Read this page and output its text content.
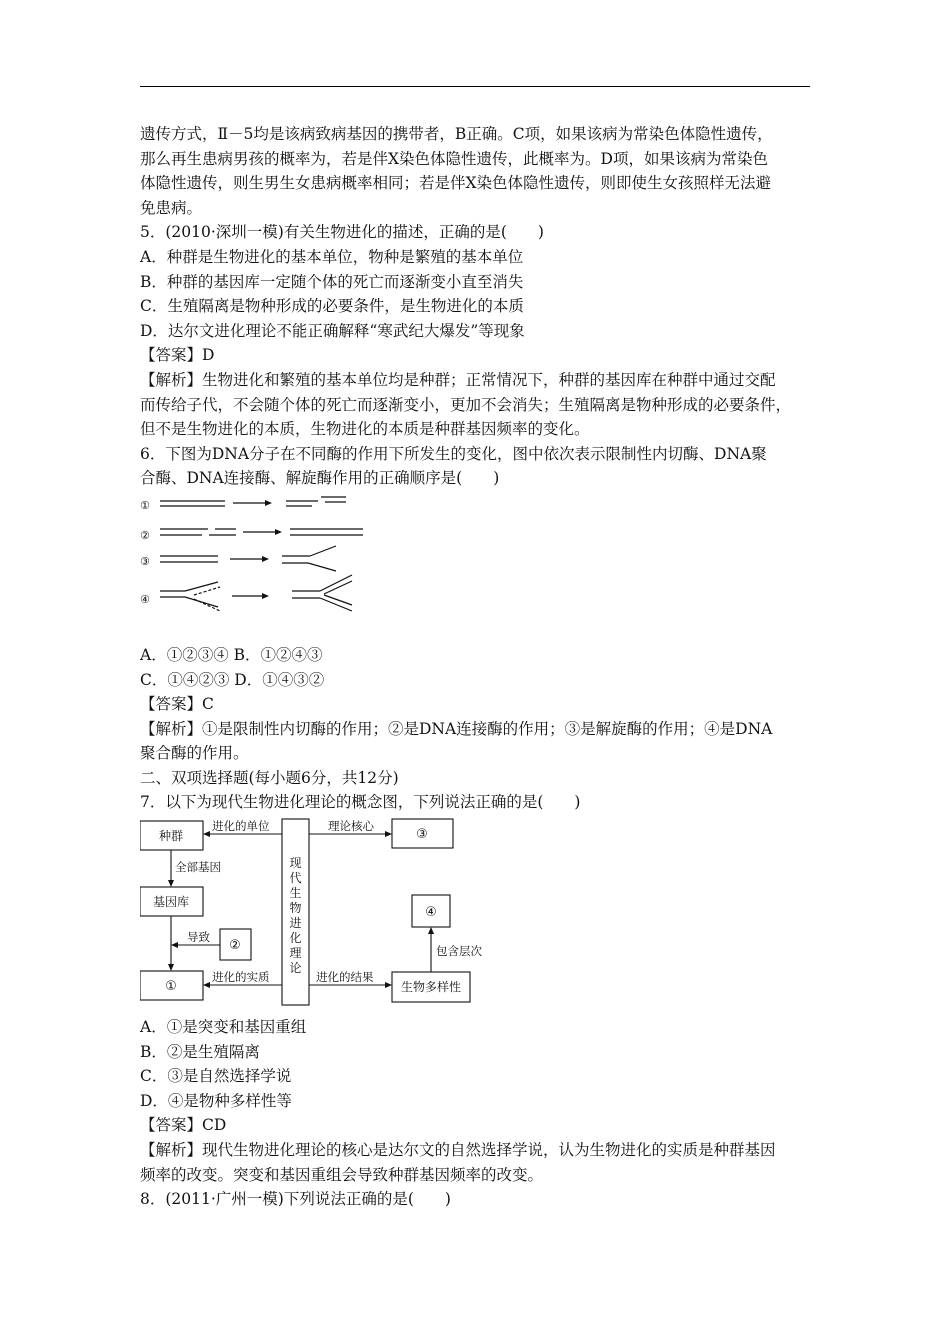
遗传方式，Ⅱ－5均是该病致病基因的携带者，B正确。C项，如果该病为常染色体隐性遗传，

那么再生患病男孩的概率为，若是伴X染色体隐性遗传，此概率为。D项，如果该病为常染色

体隐性遗传，则生男生女患病概率相同；若是伴X染色体隐性遗传，则即使生女孩照样无法避

免患病。

5．(2010·深圳一模)有关生物进化的描述，正确的是(　　)

A．种群是生物进化的基本单位，物种是繁殖的基本单位

B．种群的基因库一定随个体的死亡而逐渐变小直至消失

C．生殖隔离是物种形成的必要条件，是生物进化的本质

D．达尔文进化理论不能正确解释“寒武纪大爆发”等现象

【答案】D

【解析】生物进化和繁殖的基本单位均是种群；正常情况下，种群的基因库在种群中通过交配

而传给子代，不会随个体的死亡而逐渐变小，更加不会消失；生殖隔离是物种形成的必要条件，

但不是生物进化的本质，生物进化的本质是种群基因频率的变化。

6．下图为DNA分子在不同酶的作用下所发生的变化，图中依次表示限制性内切酶、DNA聚

合酶、DNA连接酶、解旋酶作用的正确顺序是(　　)

①
②
③
④

A．①②③④ B．①②④③

C．①④②③ D．①④③②

【答案】C

【解析】①是限制性内切酶的作用；②是DNA连接酶的作用；③是解旋酶的作用；④是DNA

聚合酶的作用。

二、双项选择题(每小题6分，共12分)

7．以下为现代生物进化理论的概念图，下列说法正确的是(　　)

种群
基因库
①
③
②
④
生物多样性
现
代
生
物
进
化
理
论
进化的单位	理论核心
全部基因
导致
进化的实质	进化的结果
包含层次

A．①是突变和基因重组

B．②是生殖隔离

C．③是自然选择学说

D．④是物种多样性等

【答案】CD

【解析】现代生物进化理论的核心是达尔文的自然选择学说，认为生物进化的实质是种群基因

频率的改变。突变和基因重组会导致种群基因频率的改变。

8．(2011·广州一模)下列说法正确的是(　　)
